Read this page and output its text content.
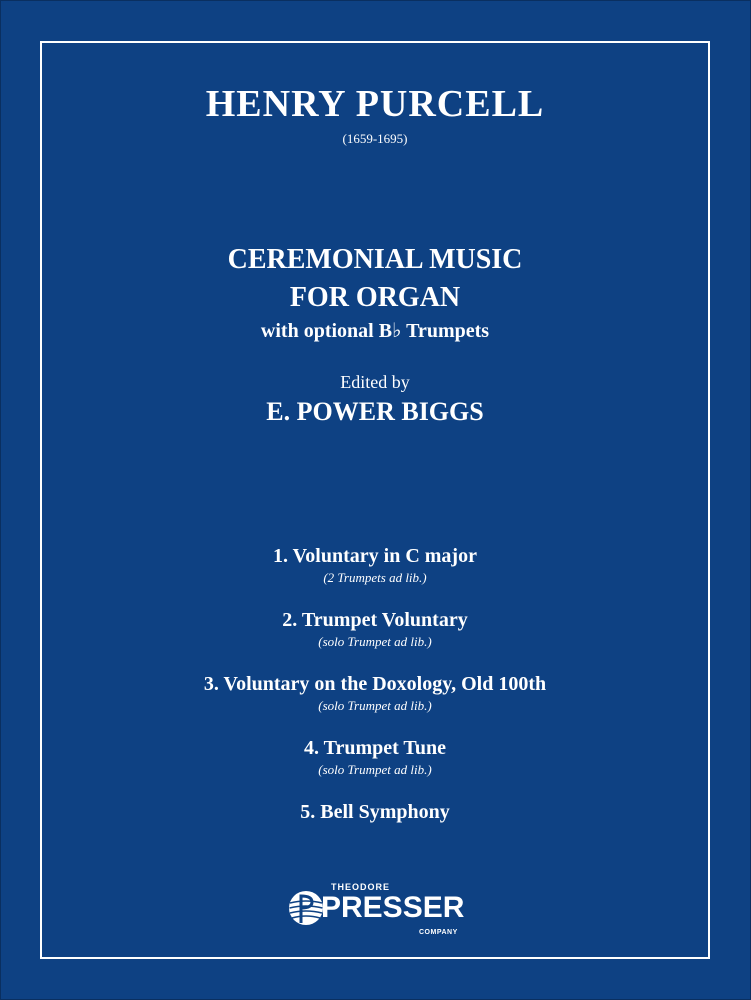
HENRY PURCELL
(1659-1695)
CEREMONIAL MUSIC
FOR ORGAN
with optional B♭ Trumpets
Edited by
E. POWER BIGGS
1. Voluntary in C major
(2 Trumpets ad lib.)
2. Trumpet Voluntary
(solo Trumpet ad lib.)
3. Voluntary on the Doxology, Old 100th
(solo Trumpet ad lib.)
4. Trumpet Tune
(solo Trumpet ad lib.)
5. Bell Symphony
THEODORE
PRESSER
COMPANY
